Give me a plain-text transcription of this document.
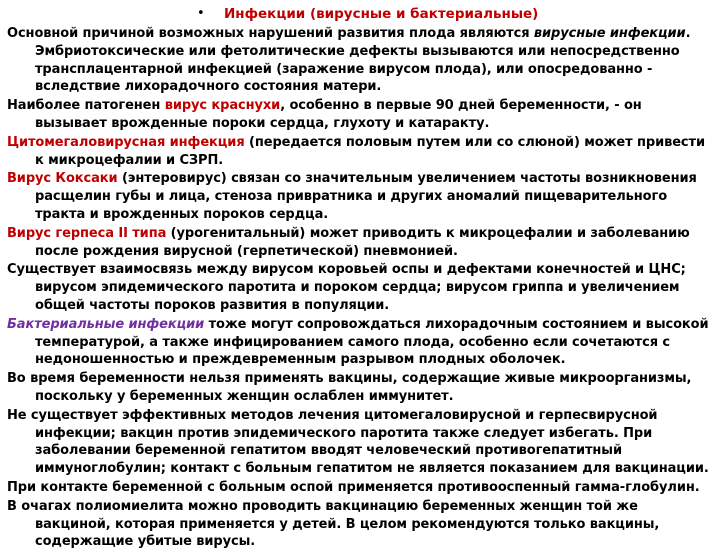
• Инфекции (вирусные и бактериальные)

Основной причиной возможных нарушений развития плода являются вирусные инфекции. Эмбриотоксические или фетолитические дефекты вызываются или непосредственно трансплацентарной инфекцией (заражение вирусом плода), или опосредованно - вследствие лихорадочного состояния матери.

Наиболее патогенен вирус краснухи, особенно в первые 90 дней беременности, - он вызывает врожденные пороки сердца, глухоту и катаракту.

Цитомегаловирусная инфекция (передается половым путем или со слюной) может привести к микроцефалии и СЗРП.

Вирус Коксаки (энтеровирус) связан со значительным увеличением частоты возникновения расщелин губы и лица, стеноза привратника и других аномалий пищеварительного тракта и врожденных пороков сердца.

Вирус герпеса II типа (урогенитальный) может приводить к микроцефалии и заболеванию после рождения вирусной (герпетической) пневмонией.

Существует взаимосвязь между вирусом коровьей оспы и дефектами конечностей и ЦНС; вирусом эпидемического паротита и пороком сердца; вирусом гриппа и увеличением общей частоты пороков развития в популяции.

Бактериальные инфекции тоже могут сопровождаться лихорадочным состоянием и высокой температурой, а также инфицированием самого плода, особенно если сочетаются с недоношенностью и преждевременным разрывом плодных оболочек.

Во время беременности нельзя применять вакцины, содержащие живые микроорганизмы, поскольку у беременных женщин ослаблен иммунитет.

Не существует эффективных методов лечения цитомегаловирусной и герпесвирусной инфекции; вакцин против эпидемического паротита также следует избегать. При заболевании беременной гепатитом вводят человеческий противогепатитный иммуноглобулин; контакт с больным гепатитом не является показанием для вакцинации.

При контакте беременной с больным оспой применяется противооспенный гамма-глобулин.

В очагах полиомиелита можно проводить вакцинацию беременных женщин той же вакциной, которая применяется у детей. В целом рекомендуются только вакцины, содержащие убитые вирусы.
